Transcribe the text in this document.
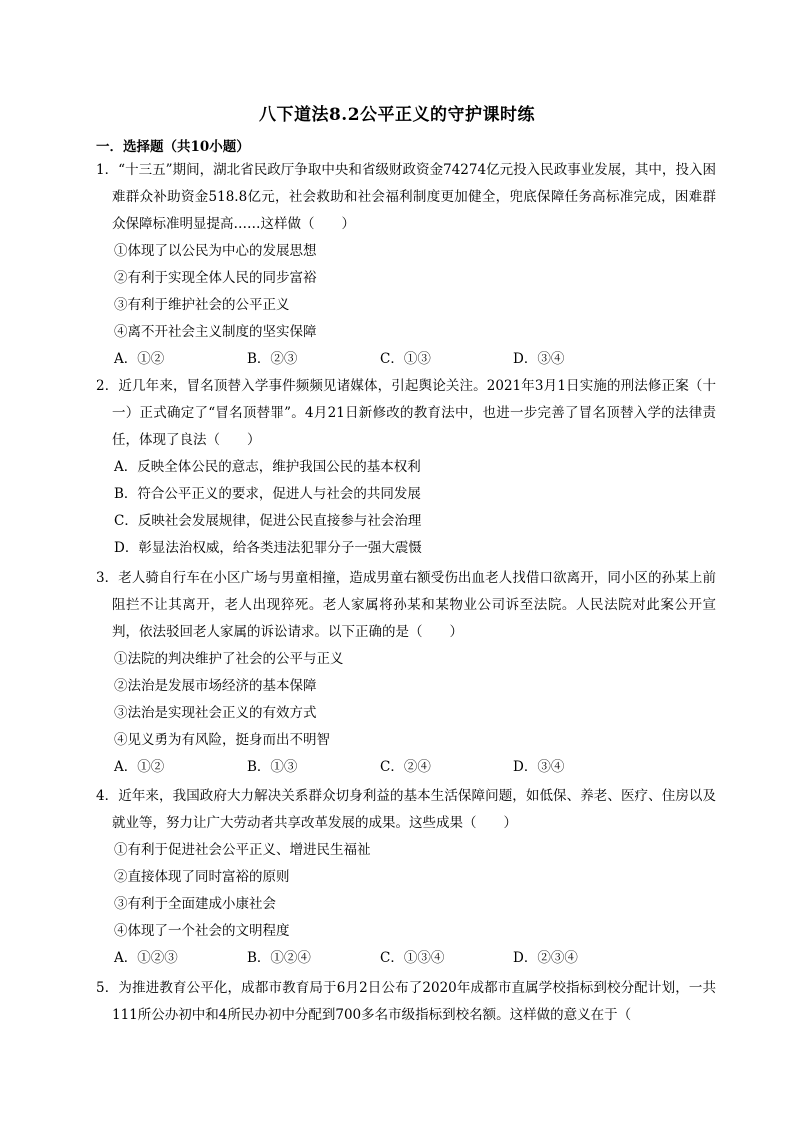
八下道法8.2公平正义的守护课时练
一．选择题（共10小题）

1．“十三五”期间，湖北省民政厅争取中央和省级财政资金74274亿元投入民政事业发展，其中，投入困难群众补助资金518.8亿元，社会救助和社会福利制度更加健全，兜底保障任务高标准完成，困难群众保障标准明显提高……这样做（　　）

①体现了以公民为中心的发展思想

②有利于实现全体人民的同步富裕

③有利于维护社会的公平正义

④离不开社会主义制度的坚实保障

A．①②	B．②③	C．①③	D．③④

2．近几年来，冒名顶替入学事件频频见诸媒体，引起舆论关注。2021年3月1日实施的刑法修正案（十一）正式确定了“冒名顶替罪”。4月21日新修改的教育法中，也进一步完善了冒名顶替入学的法律责任，体现了良法（　　）

A．反映全体公民的意志，维护我国公民的基本权利

B．符合公平正义的要求，促进人与社会的共同发展

C．反映社会发展规律，促进公民直接参与社会治理

D．彰显法治权威，给各类违法犯罪分子一强大震慑

3．老人骑自行车在小区广场与男童相撞，造成男童右额受伤出血老人找借口欲离开，同小区的孙某上前阻拦不让其离开，老人出现猝死。老人家属将孙某和某物业公司诉至法院。人民法院对此案公开宣判，依法驳回老人家属的诉讼请求。以下正确的是（　　）

①法院的判决维护了社会的公平与正义

②法治是发展市场经济的基本保障

③法治是实现社会正义的有效方式

④见义勇为有风险，挺身而出不明智

A．①②	B．①③	C．②④	D．③④

4．近年来，我国政府大力解决关系群众切身利益的基本生活保障问题，如低保、养老、医疗、住房以及就业等，努力让广大劳动者共享改革发展的成果。这些成果（　　）

①有利于促进社会公平正义、增进民生福祉

②直接体现了同时富裕的原则

③有利于全面建成小康社会

④体现了一个社会的文明程度

A．①②③	B．①②④	C．①③④	D．②③④

5．为推进教育公平化，成都市教育局于6月2日公布了2020年成都市直属学校指标到校分配计划，一共111所公办初中和4所民办初中分配到700多名市级指标到校名额。这样做的意义在于（
